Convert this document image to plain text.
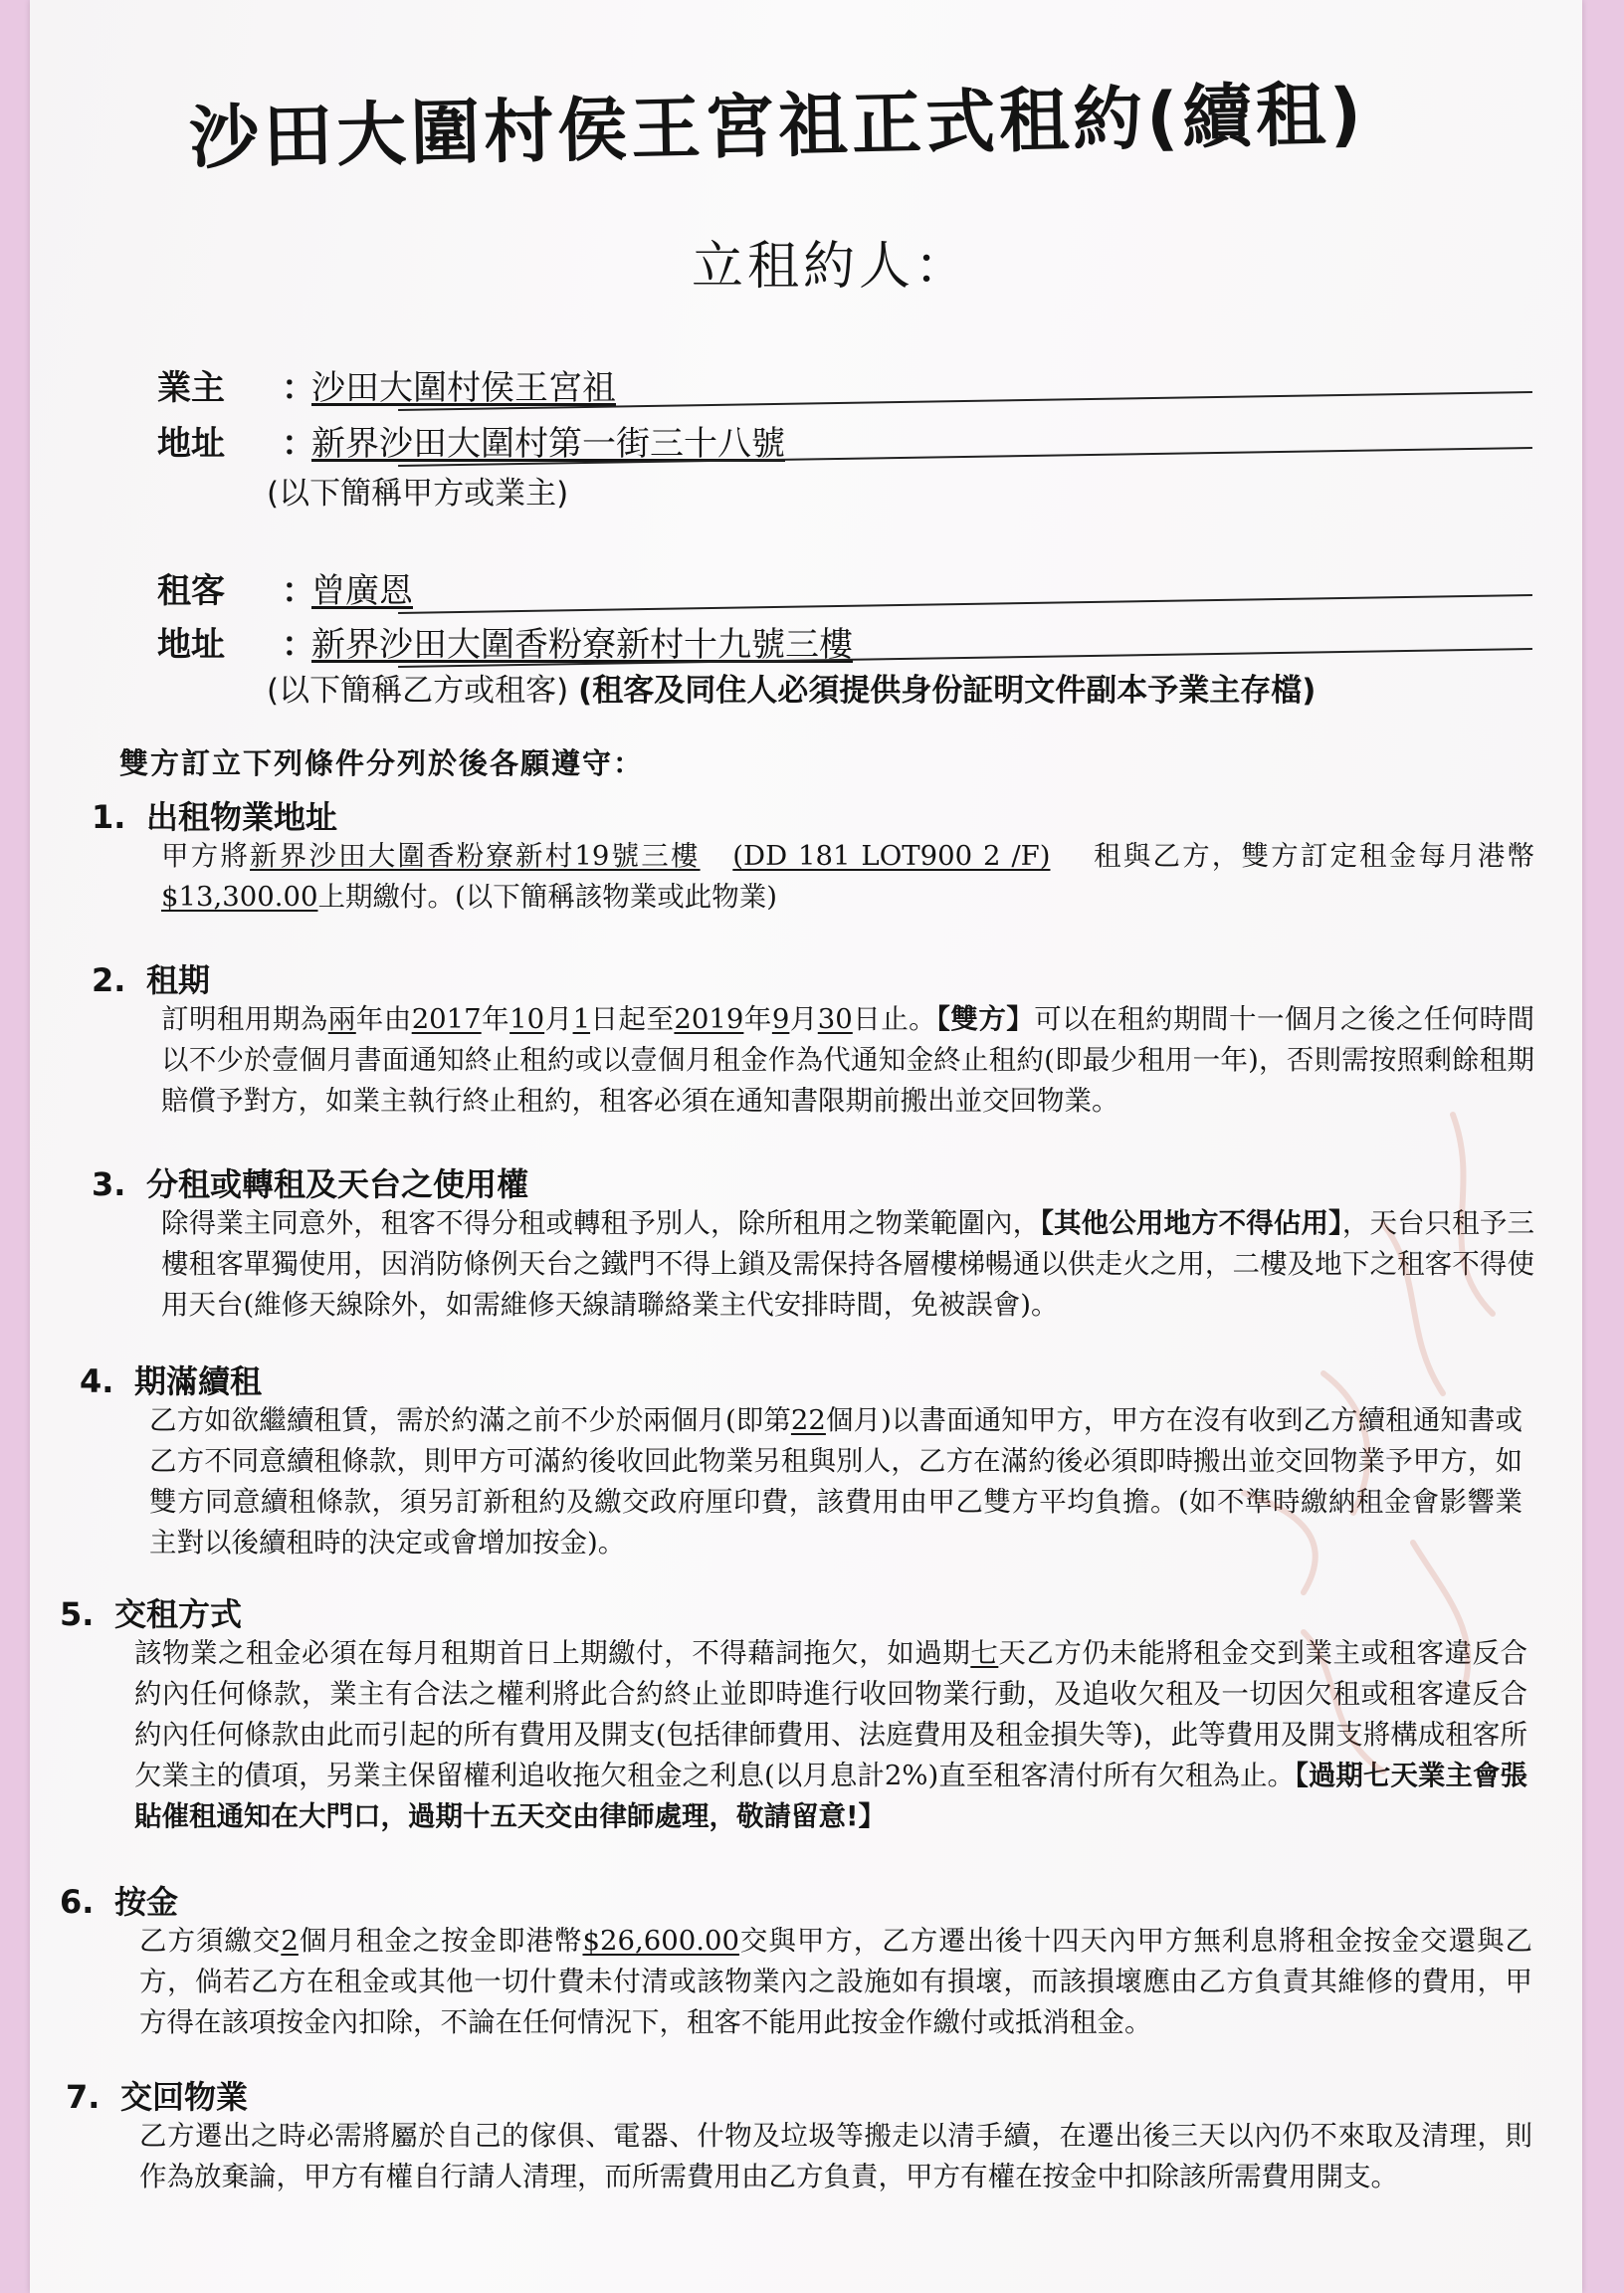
沙田大圍村侯王宮祖正式租約(續租)
立租約人：
業主 ：沙田大圍村侯王宮祖
地址 ：新界沙田大圍村第一街三十八號
(以下簡稱甲方或業主)
租客 ：曾廣恩
地址 ：新界沙田大圍香粉寮新村十九號三樓
(以下簡稱乙方或租客) (租客及同住人必須提供身份証明文件副本予業主存檔)
雙方訂立下列條件分列於後各願遵守：
1. 出租物業地址
甲方將新界沙田大圍香粉寮新村19號三樓 (DD 181 LOT900 2 /F) 租與乙方，雙方訂定租金每月港幣$13,300.00上期繳付。(以下簡稱該物業或此物業)
2. 租期
訂明租用期為兩年由2017年10月1日起至2019年9月30日止。【雙方】可以在租約期間十一個月之後之任何時間以不少於壹個月書面通知終止租約或以壹個月租金作為代通知金終止租約(即最少租用一年)，否則需按照剩餘租期賠償予對方，如業主執行終止租約，租客必須在通知書限期前搬出並交回物業。
3. 分租或轉租及天台之使用權
除得業主同意外，租客不得分租或轉租予別人，除所租用之物業範圍內，【其他公用地方不得佔用】，天台只租予三樓租客單獨使用，因消防條例天台之鐵門不得上鎖及需保持各層樓梯暢通以供走火之用，二樓及地下之租客不得使用天台(維修天線除外，如需維修天線請聯絡業主代安排時間，免被誤會)。
4. 期滿續租
乙方如欲繼續租賃，需於約滿之前不少於兩個月(即第22個月)以書面通知甲方，甲方在沒有收到乙方續租通知書或乙方不同意續租條款，則甲方可滿約後收回此物業另租與別人，乙方在滿約後必須即時搬出並交回物業予甲方，如雙方同意續租條款，須另訂新租約及繳交政府厘印費，該費用由甲乙雙方平均負擔。(如不準時繳納租金會影響業主對以後續租時的決定或會增加按金)。
5. 交租方式
該物業之租金必須在每月租期首日上期繳付，不得藉詞拖欠，如過期七天乙方仍未能將租金交到業主或租客違反合約內任何條款，業主有合法之權利將此合約終止並即時進行收回物業行動，及追收欠租及一切因欠租或租客違反合約內任何條款由此而引起的所有費用及開支(包括律師費用、法庭費用及租金損失等)，此等費用及開支將構成租客所欠業主的債項，另業主保留權利追收拖欠租金之利息(以月息計2%)直至租客清付所有欠租為止。【過期七天業主會張貼催租通知在大門口，過期十五天交由律師處理，敬請留意!】
6. 按金
乙方須繳交2個月租金之按金即港幣$26,600.00交與甲方，乙方遷出後十四天內甲方無利息將租金按金交還與乙方，倘若乙方在租金或其他一切什費未付清或該物業內之設施如有損壞，而該損壞應由乙方負責其維修的費用，甲方得在該項按金內扣除，不論在任何情況下，租客不能用此按金作繳付或抵消租金。
7. 交回物業
乙方遷出之時必需將屬於自己的傢俱、電器、什物及垃圾等搬走以清手續，在遷出後三天以內仍不來取及清理，則作為放棄論，甲方有權自行請人清理，而所需費用由乙方負責，甲方有權在按金中扣除該所需費用開支。
